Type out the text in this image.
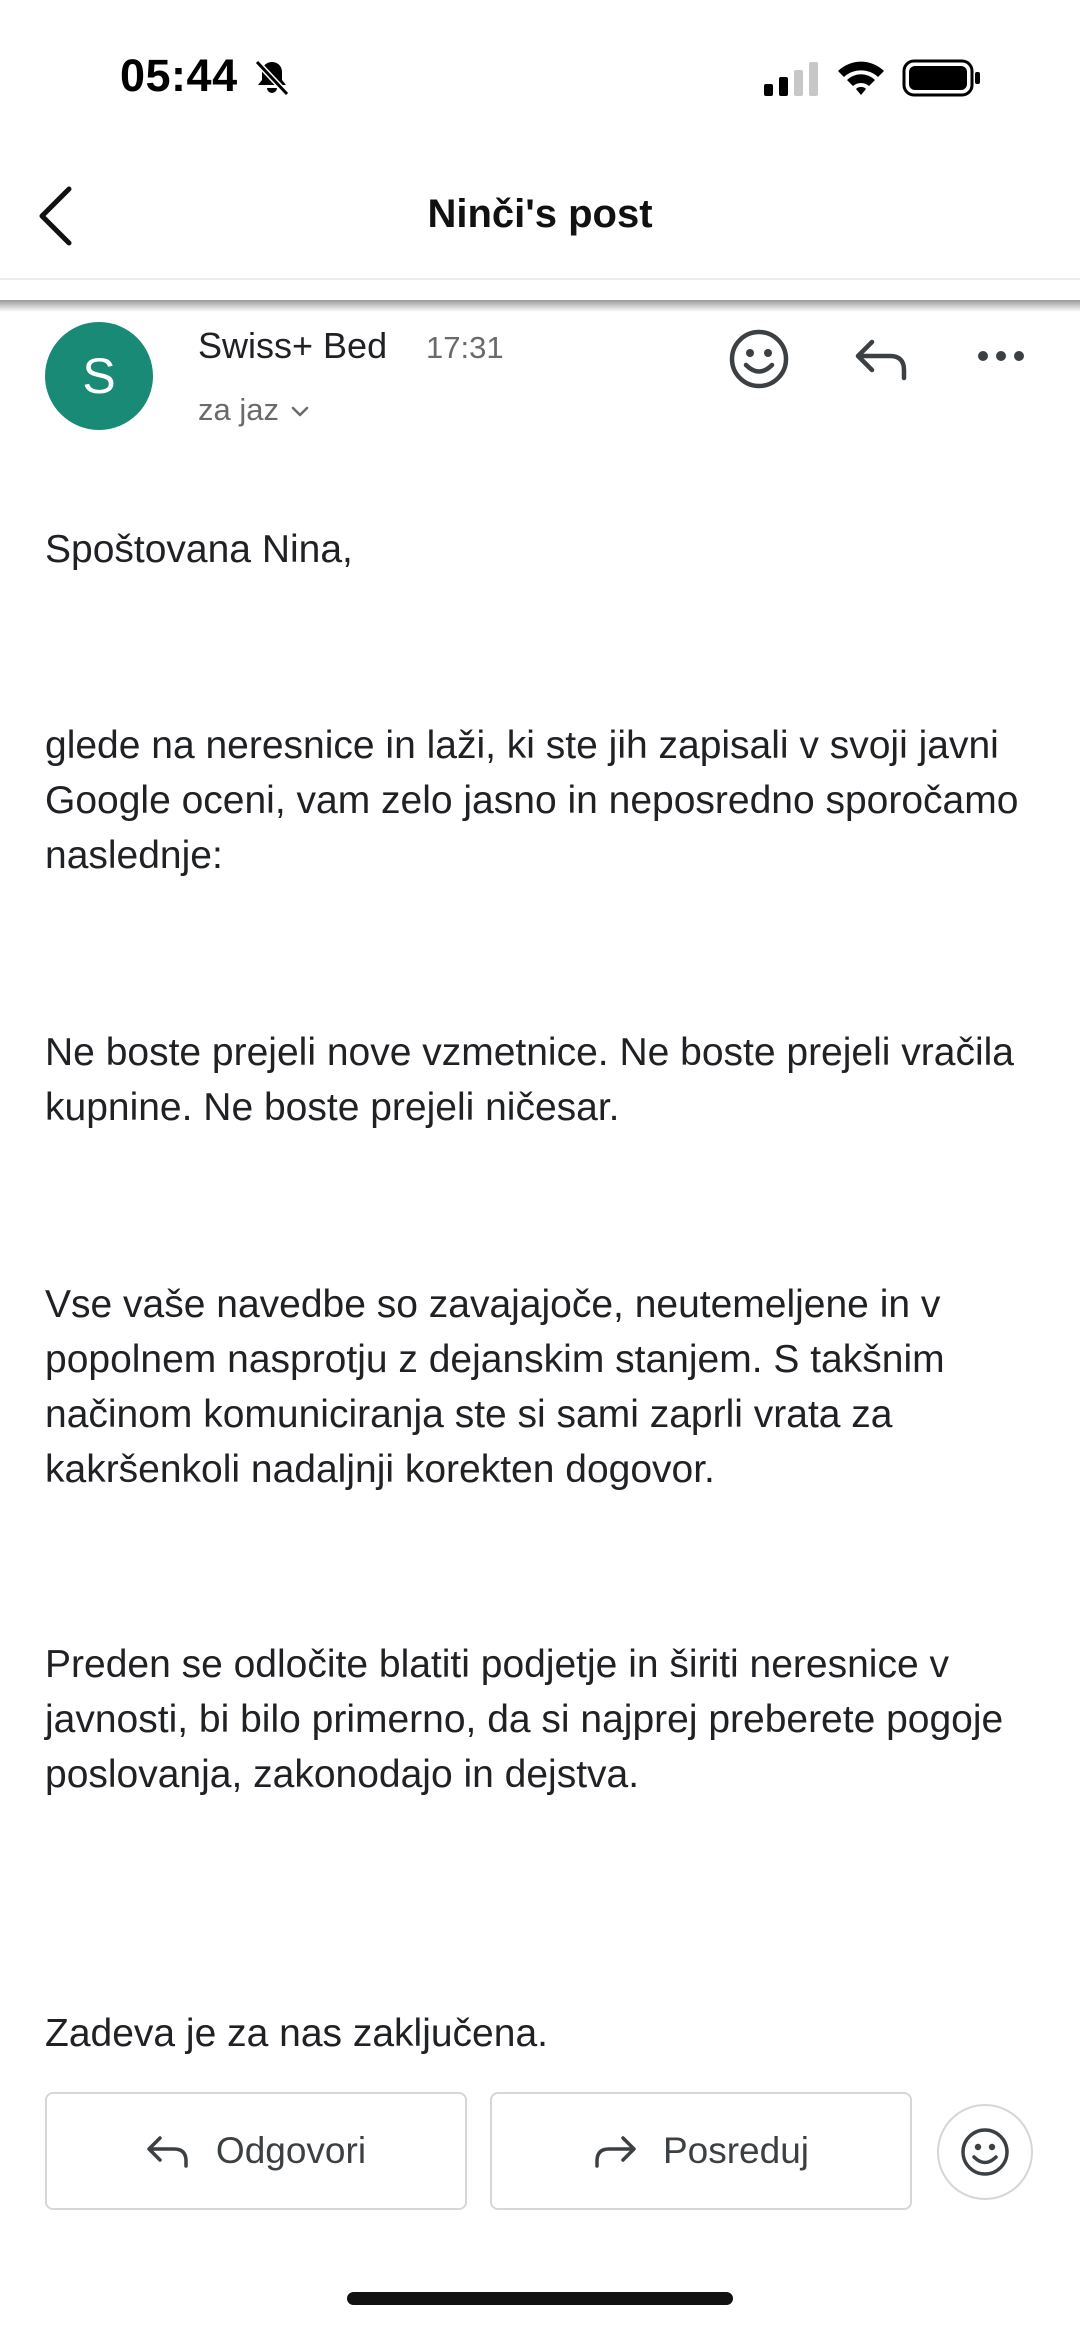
05:44
Ninči's post
S
Swiss+ Bed 17:31
za jaz
Spoštovana Nina,
glede na neresnice in laži, ki ste jih zapisali v svoji javni Google oceni, vam zelo jasno in neposredno sporočamo naslednje:
Ne boste prejeli nove vzmetnice. Ne boste prejeli vračila kupnine. Ne boste prejeli ničesar.
Vse vaše navedbe so zavajajoče, neutemeljene in v popolnem nasprotju z dejanskim stanjem. S takšnim načinom komuniciranja ste si sami zaprli vrata za kakršenkoli nadaljnji korekten dogovor.
Preden se odločite blatiti podjetje in širiti neresnice v javnosti, bi bilo primerno, da si najprej preberete pogoje poslovanja, zakonodajo in dejstva.
Zadeva je za nas zaključena.
Odgovori	Posreduj
